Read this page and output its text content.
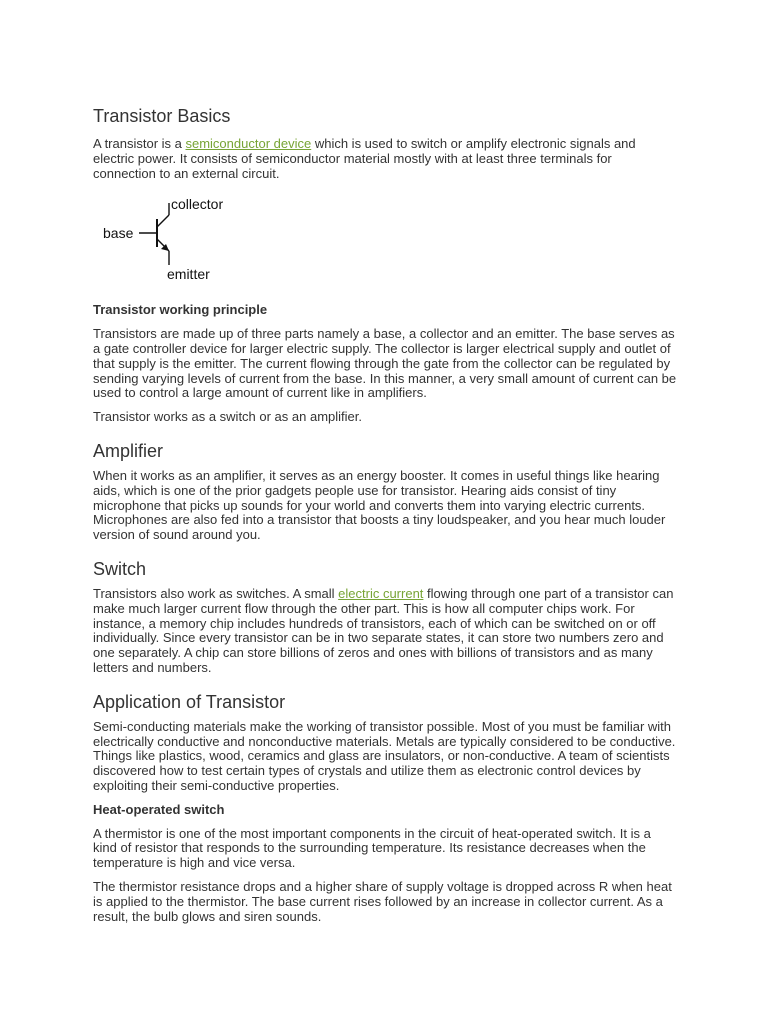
Transistor Basics

A transistor is a semiconductor device which is used to switch or amplify electronic signals and electric power. It consists of semiconductor material mostly with at least three terminals for connection to an external circuit.

collector
base
emitter

Transistor working principle

Transistors are made up of three parts namely a base, a collector and an emitter. The base serves as a gate controller device for larger electric supply. The collector is larger electrical supply and outlet of that supply is the emitter. The current flowing through the gate from the collector can be regulated by sending varying levels of current from the base. In this manner, a very small amount of current can be used to control a large amount of current like in amplifiers.

Transistor works as a switch or as an amplifier.

Amplifier

When it works as an amplifier, it serves as an energy booster. It comes in useful things like hearing aids, which is one of the prior gadgets people use for transistor. Hearing aids consist of tiny microphone that picks up sounds for your world and converts them into varying electric currents. Microphones are also fed into a transistor that boosts a tiny loudspeaker, and you hear much louder version of sound around you.

Switch

Transistors also work as switches. A small electric current flowing through one part of a transistor can make much larger current flow through the other part. This is how all computer chips work. For instance, a memory chip includes hundreds of transistors, each of which can be switched on or off individually. Since every transistor can be in two separate states, it can store two numbers zero and one separately. A chip can store billions of zeros and ones with billions of transistors and as many letters and numbers.

Application of Transistor

Semi-conducting materials make the working of transistor possible. Most of you must be familiar with electrically conductive and nonconductive materials. Metals are typically considered to be conductive. Things like plastics, wood, ceramics and glass are insulators, or non-conductive. A team of scientists discovered how to test certain types of crystals and utilize them as electronic control devices by exploiting their semi-conductive properties.

Heat-operated switch

A thermistor is one of the most important components in the circuit of heat-operated switch. It is a kind of resistor that responds to the surrounding temperature. Its resistance decreases when the temperature is high and vice versa.

The thermistor resistance drops and a higher share of supply voltage is dropped across R when heat is applied to the thermistor. The base current rises followed by an increase in collector current. As a result, the bulb glows and siren sounds.
